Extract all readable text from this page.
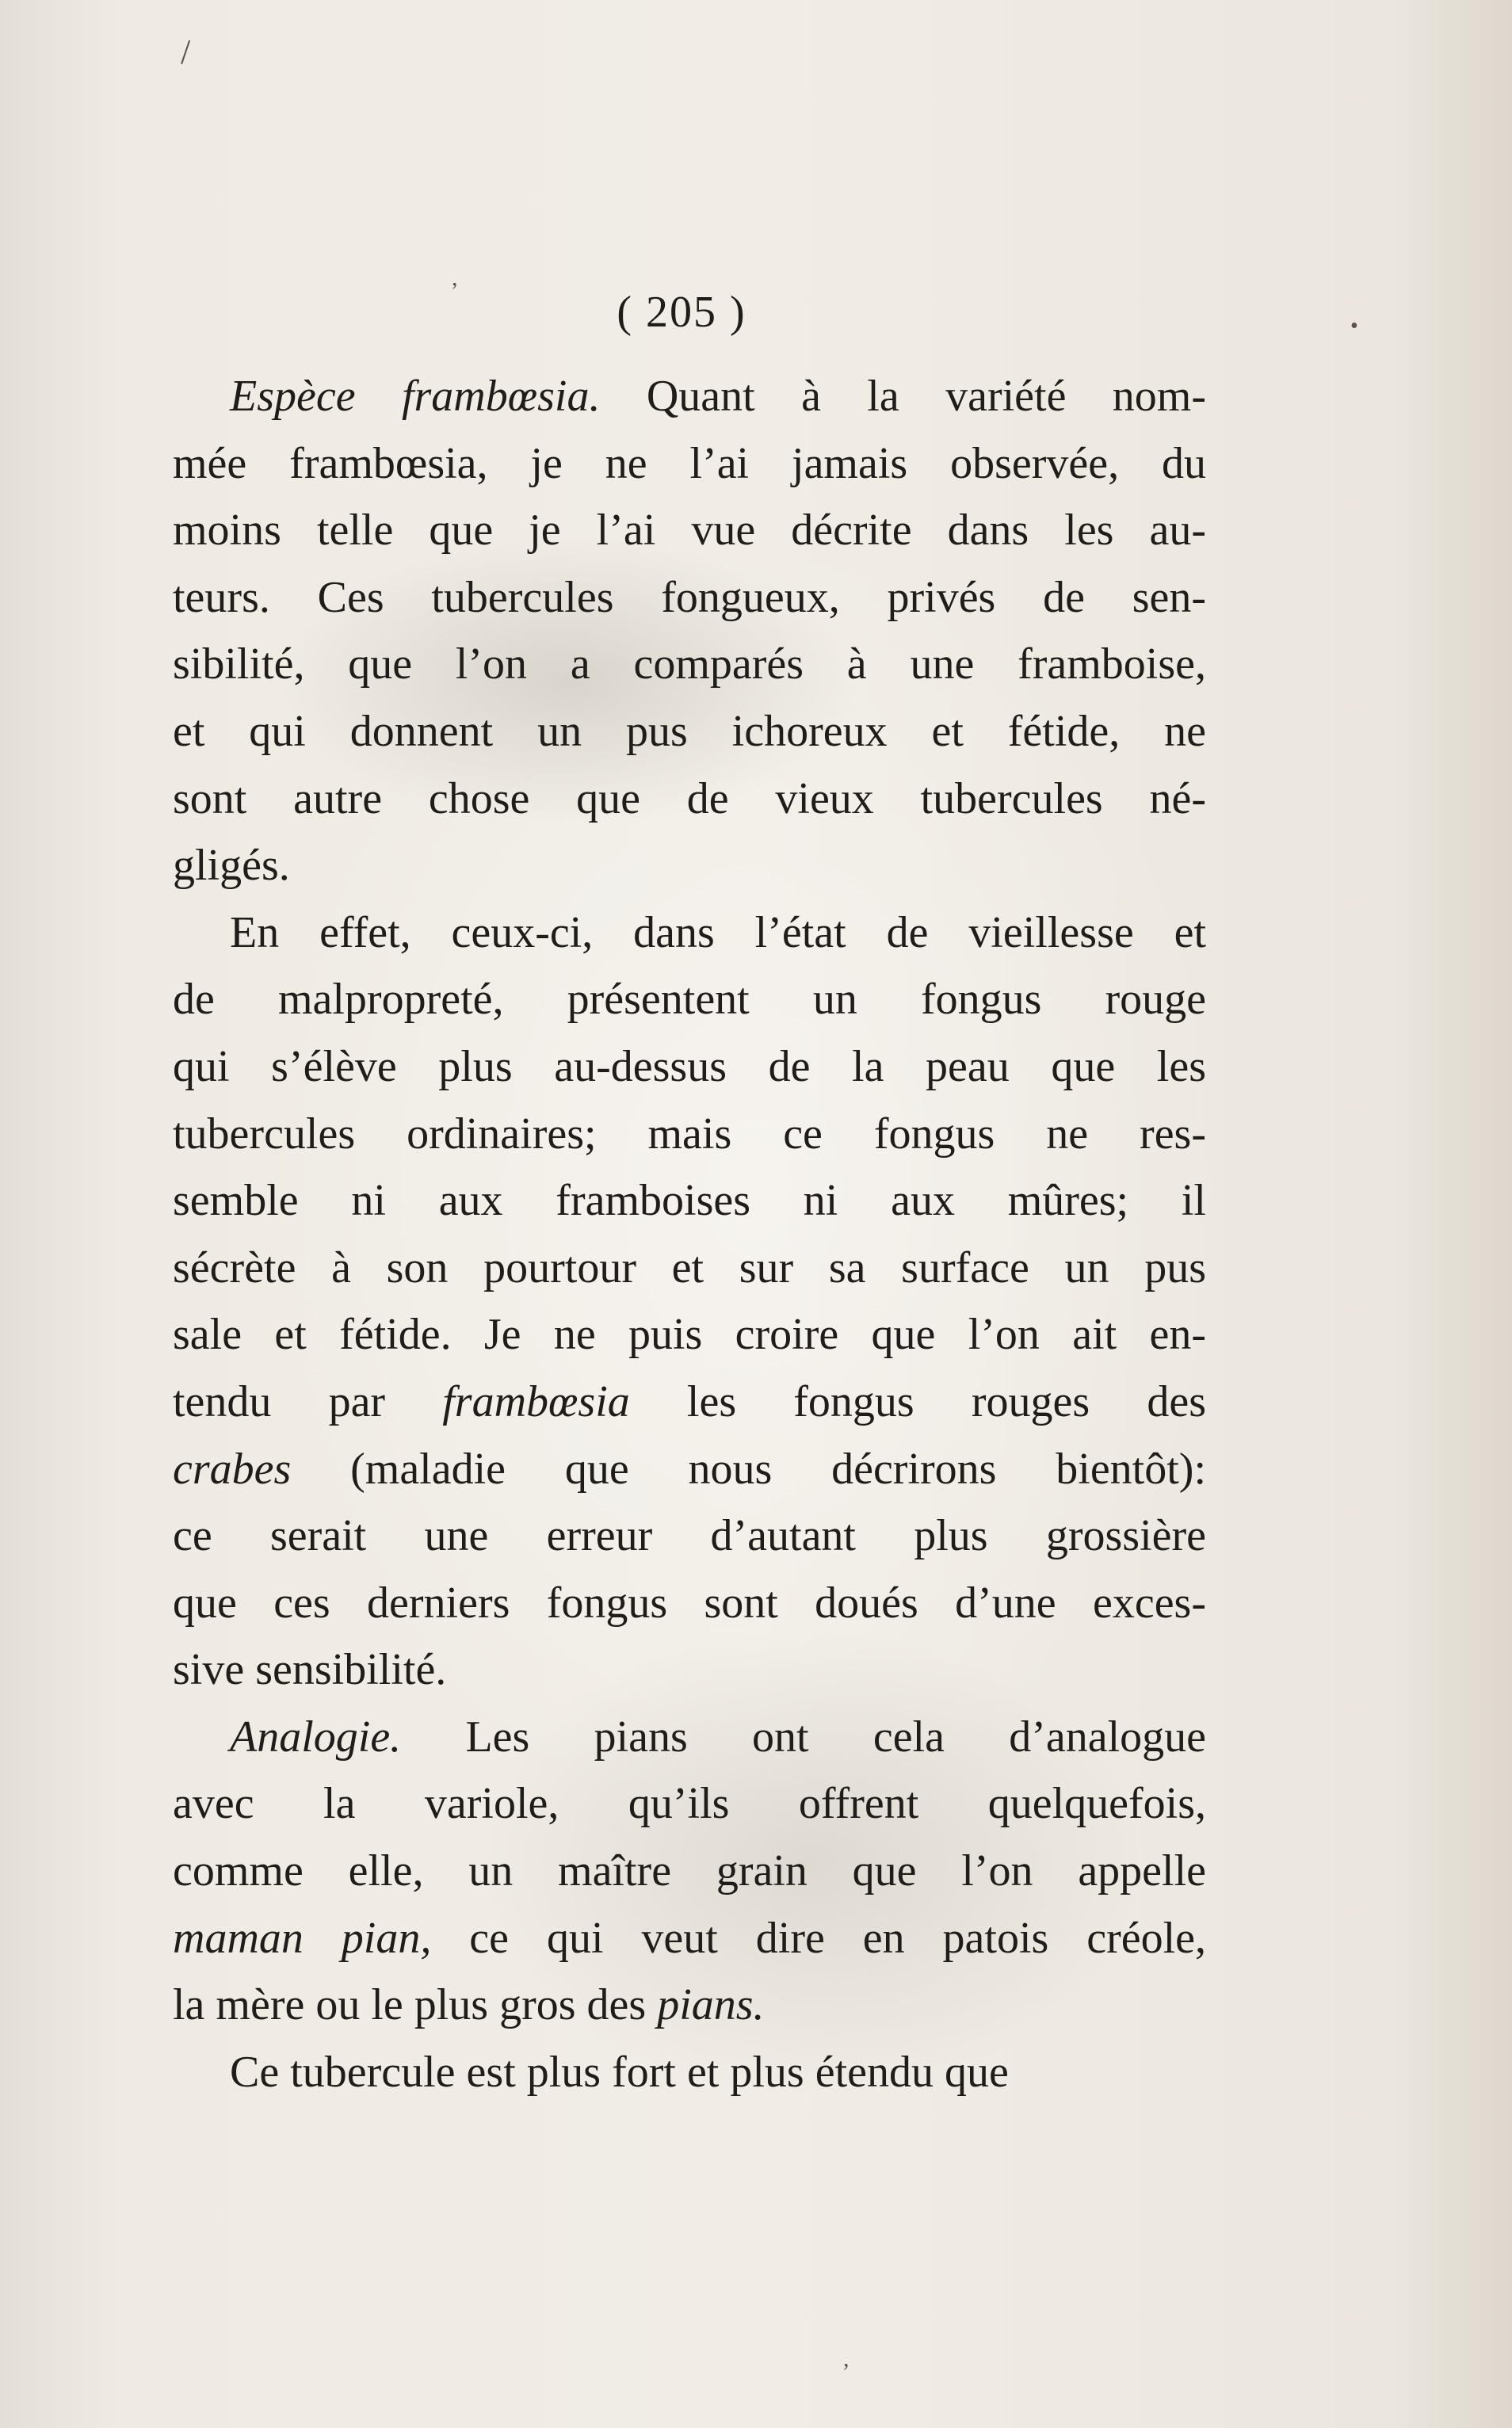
/
,
•
,
( 205 )
Espèce frambœsia. Quant à la variété nom-
mée frambœsia, je ne l’ai jamais observée, du
moins telle que je l’ai vue décrite dans les au-
teurs. Ces tubercules fongueux, privés de sen-
sibilité, que l’on a comparés à une framboise,
et qui donnent un pus ichoreux et fétide, ne
sont autre chose que de vieux tubercules né-
gligés.
En effet, ceux-ci, dans l’état de vieillesse et
de malpropreté, présentent un fongus rouge
qui s’élève plus au-dessus de la peau que les
tubercules ordinaires; mais ce fongus ne res-
semble ni aux framboises ni aux mûres; il
sécrète à son pourtour et sur sa surface un pus
sale et fétide. Je ne puis croire que l’on ait en-
tendu par frambœsia les fongus rouges des
crabes (maladie que nous décrirons bientôt):
ce serait une erreur d’autant plus grossière
que ces derniers fongus sont doués d’une exces-
sive sensibilité.
Analogie. Les pians ont cela d’analogue
avec la variole, qu’ils offrent quelquefois,
comme elle, un maître grain que l’on appelle
maman pian, ce qui veut dire en patois créole,
la mère ou le plus gros des pians.
Ce tubercule est plus fort et plus étendu que
